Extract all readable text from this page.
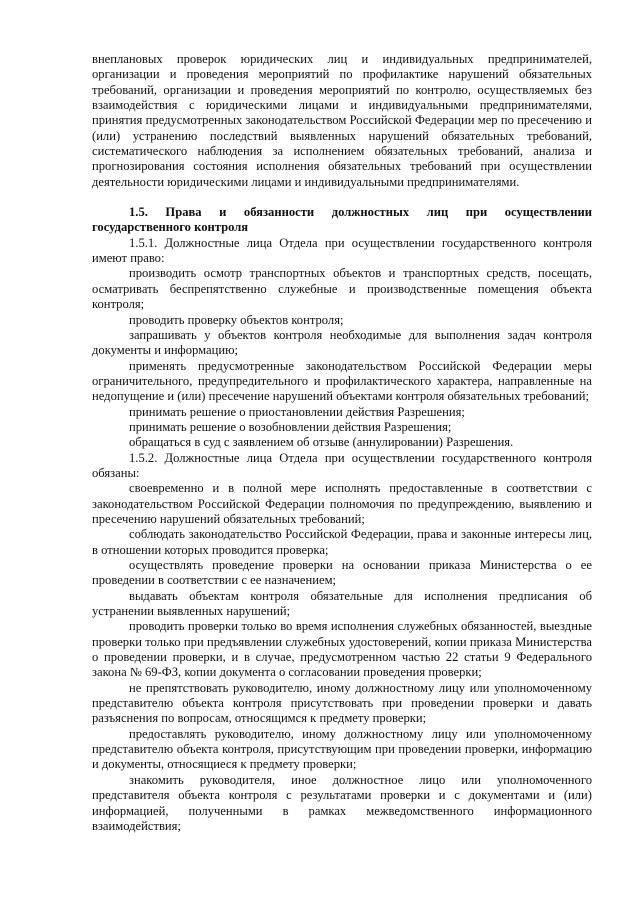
внеплановых проверок юридических лиц и индивидуальных предпринимателей, организации и проведения мероприятий по профилактике нарушений обязательных требований, организации и проведения мероприятий по контролю, осуществляемых без взаимодействия с юридическими лицами и индивидуальными предпринимателями, принятия предусмотренных законодательством Российской Федерации мер по пресечению и (или) устранению последствий выявленных нарушений обязательных требований, систематического наблюдения за исполнением обязательных требований, анализа и прогнозирования состояния исполнения обязательных требований при осуществлении деятельности юридическими лицами и индивидуальными предпринимателями.

1.5. Права и обязанности должностных лиц при осуществлении государственного контроля

1.5.1. Должностные лица Отдела при осуществлении государственного контроля имеют право:

производить осмотр транспортных объектов и транспортных средств, посещать, осматривать беспрепятственно служебные и производственные помещения объекта контроля;

проводить проверку объектов контроля;

запрашивать у объектов контроля необходимые для выполнения задач контроля документы и информацию;

применять предусмотренные законодательством Российской Федерации меры ограничительного, предупредительного и профилактического характера, направленные на недопущение и (или) пресечение нарушений объектами контроля обязательных требований;

принимать решение о приостановлении действия Разрешения;

принимать решение о возобновлении действия Разрешения;

обращаться в суд с заявлением об отзыве (аннулировании) Разрешения.

1.5.2. Должностные лица Отдела при осуществлении государственного контроля обязаны:

своевременно и в полной мере исполнять предоставленные в соответствии с законодательством Российской Федерации полномочия по предупреждению, выявлению и пресечению нарушений обязательных требований;

соблюдать законодательство Российской Федерации, права и законные интересы лиц, в отношении которых проводится проверка;

осуществлять проведение проверки на основании приказа Министерства о ее проведении в соответствии с ее назначением;

выдавать объектам контроля обязательные для исполнения предписания об устранении выявленных нарушений;

проводить проверки только во время исполнения служебных обязанностей, выездные проверки только при предъявлении служебных удостоверений, копии приказа Министерства о проведении проверки, и в случае, предусмотренном частью 22 статьи 9 Федерального закона № 69-ФЗ, копии документа о согласовании проведения проверки;

не препятствовать руководителю, иному должностному лицу или уполномоченному представителю объекта контроля присутствовать при проведении проверки и давать разъяснения по вопросам, относящимся к предмету проверки;

предоставлять руководителю, иному должностному лицу или уполномоченному представителю объекта контроля, присутствующим при проведении проверки, информацию и документы, относящиеся к предмету проверки;

знакомить руководителя, иное должностное лицо или уполномоченного представителя объекта контроля с результатами проверки и с документами и (или) информацией, полученными в рамках межведомственного информационного взаимодействия;
